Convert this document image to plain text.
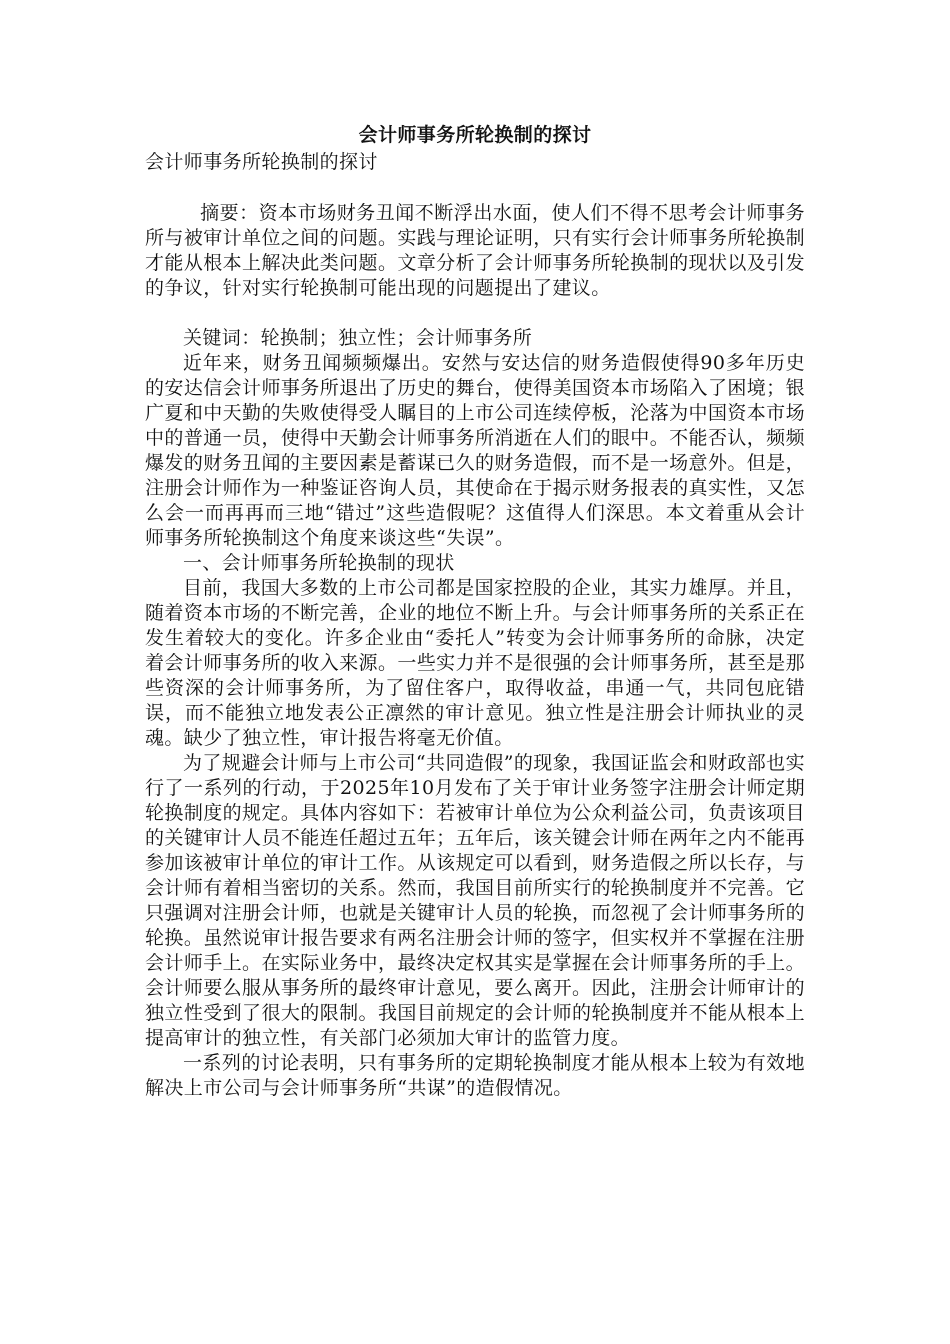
会计师事务所轮换制的探讨

会计师事务所轮换制的探讨

摘要：资本市场财务丑闻不断浮出水面，使人们不得不思考会计师事务所与被审计单位之间的问题。实践与理论证明，只有实行会计师事务所轮换制才能从根本上解决此类问题。文章分析了会计师事务所轮换制的现状以及引发的争议，针对实行轮换制可能出现的问题提出了建议。

关键词：轮换制；独立性；会计师事务所

近年来，财务丑闻频频爆出。安然与安达信的财务造假使得90多年历史的安达信会计师事务所退出了历史的舞台，使得美国资本市场陷入了困境；银广夏和中天勤的失败使得受人瞩目的上市公司连续停板，沦落为中国资本市场中的普通一员，使得中天勤会计师事务所消逝在人们的眼中。不能否认，频频爆发的财务丑闻的主要因素是蓄谋已久的财务造假，而不是一场意外。但是，注册会计师作为一种鉴证咨询人员，其使命在于揭示财务报表的真实性，又怎么会一而再再而三地“错过”这些造假呢？这值得人们深思。本文着重从会计师事务所轮换制这个角度来谈这些“失误”。

一、会计师事务所轮换制的现状

目前，我国大多数的上市公司都是国家控股的企业，其实力雄厚。并且，随着资本市场的不断完善，企业的地位不断上升。与会计师事务所的关系正在发生着较大的变化。许多企业由“委托人”转变为会计师事务所的命脉，决定着会计师事务所的收入来源。一些实力并不是很强的会计师事务所，甚至是那些资深的会计师事务所，为了留住客户，取得收益，串通一气，共同包庇错误，而不能独立地发表公正凛然的审计意见。独立性是注册会计师执业的灵魂。缺少了独立性，审计报告将毫无价值。

为了规避会计师与上市公司“共同造假”的现象，我国证监会和财政部也实行了一系列的行动，于2025年10月发布了关于审计业务签字注册会计师定期轮换制度的规定。具体内容如下：若被审计单位为公众利益公司，负责该项目的关键审计人员不能连任超过五年；五年后，该关键会计师在两年之内不能再参加该被审计单位的审计工作。从该规定可以看到，财务造假之所以长存，与会计师有着相当密切的关系。然而，我国目前所实行的轮换制度并不完善。它只强调对注册会计师，也就是关键审计人员的轮换，而忽视了会计师事务所的轮换。虽然说审计报告要求有两名注册会计师的签字，但实权并不掌握在注册会计师手上。在实际业务中，最终决定权其实是掌握在会计师事务所的手上。会计师要么服从事务所的最终审计意见，要么离开。因此，注册会计师审计的独立性受到了很大的限制。我国目前规定的会计师的轮换制度并不能从根本上提高审计的独立性，有关部门必须加大审计的监管力度。

一系列的讨论表明，只有事务所的定期轮换制度才能从根本上较为有效地解决上市公司与会计师事务所“共谋”的造假情况。
